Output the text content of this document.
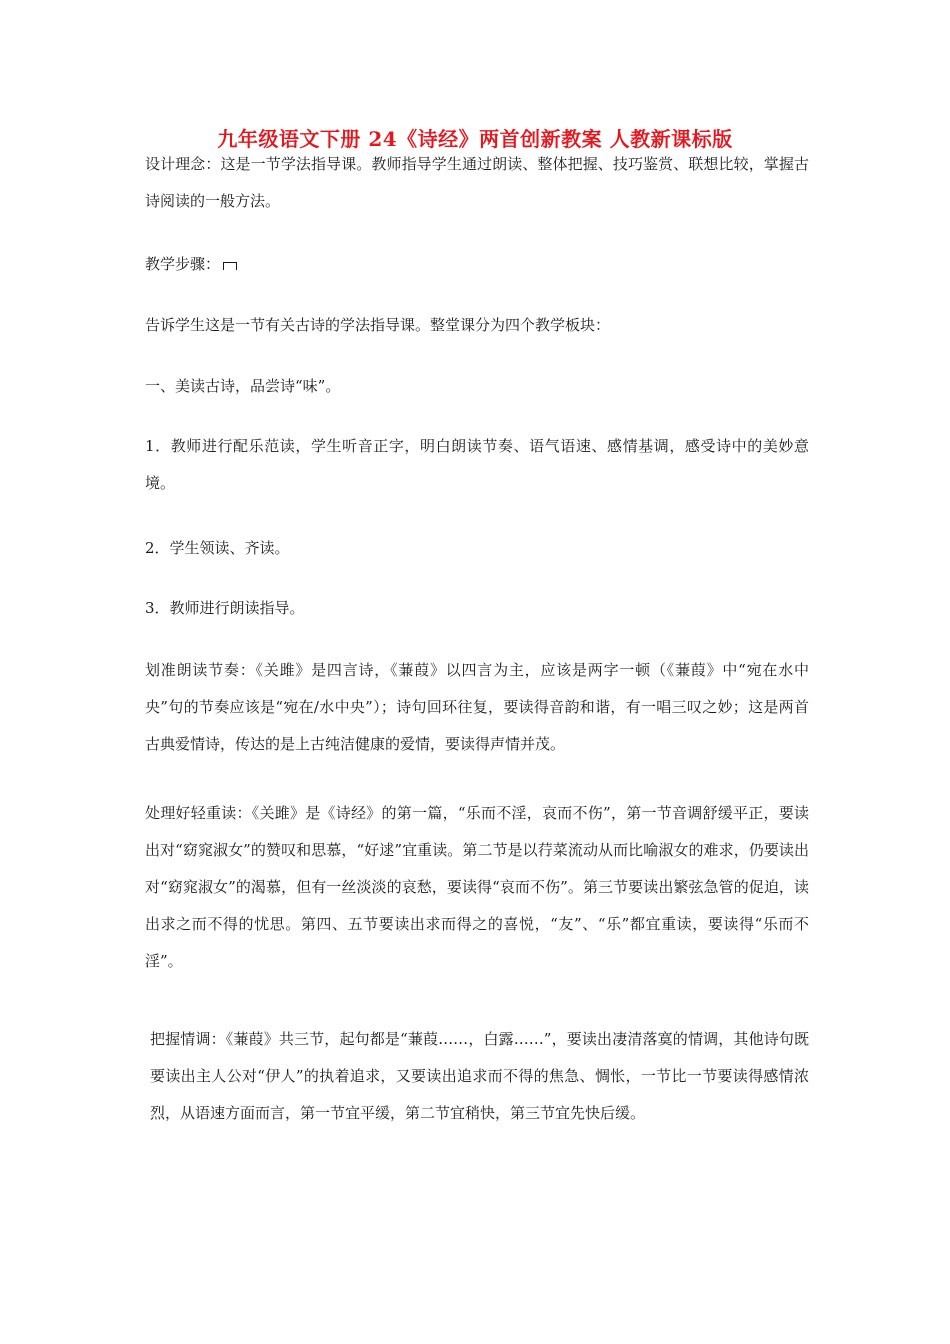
九年级语文下册 24《诗经》两首创新教案 人教新课标版
设计理念：这是一节学法指导课。教师指导学生通过朗读、整体把握、技巧鉴赏、联想比较，掌握古诗阅读的一般方法。
教学步骤：
告诉学生这是一节有关古诗的学法指导课。整堂课分为四个教学板块：
一、美读古诗，品尝诗“味”。
1．教师进行配乐范读，学生听音正字，明白朗读节奏、语气语速、感情基调，感受诗中的美妙意境。
2．学生领读、齐读。
3．教师进行朗读指导。
划准朗读节奏：《关雎》是四言诗，《蒹葭》以四言为主，应该是两字一顿（《蒹葭》中“宛在水中央”句的节奏应该是“宛在/水中央”）；诗句回环往复，要读得音韵和谐，有一唱三叹之妙；这是两首古典爱情诗，传达的是上古纯洁健康的爱情，要读得声情并茂。
处理好轻重读：《关雎》是《诗经》的第一篇，“乐而不淫，哀而不伤”，第一节音调舒缓平正，要读出对“窈窕淑女”的赞叹和思慕，“好逑”宜重读。第二节是以荇菜流动从而比喻淑女的难求，仍要读出对“窈窕淑女”的渴慕，但有一丝淡淡的哀愁，要读得“哀而不伤”。第三节要读出繁弦急管的促迫，读出求之而不得的忧思。第四、五节要读出求而得之的喜悦，“友”、“乐”都宜重读，要读得“乐而不淫”。
把握情调：《蒹葭》共三节，起句都是“蒹葭……，白露……”，要读出凄清落寞的情调，其他诗句既要读出主人公对“伊人”的执着追求，又要读出追求而不得的焦急、惆怅，一节比一节要读得感情浓烈，从语速方面而言，第一节宜平缓，第二节宜稍快，第三节宜先快后缓。
